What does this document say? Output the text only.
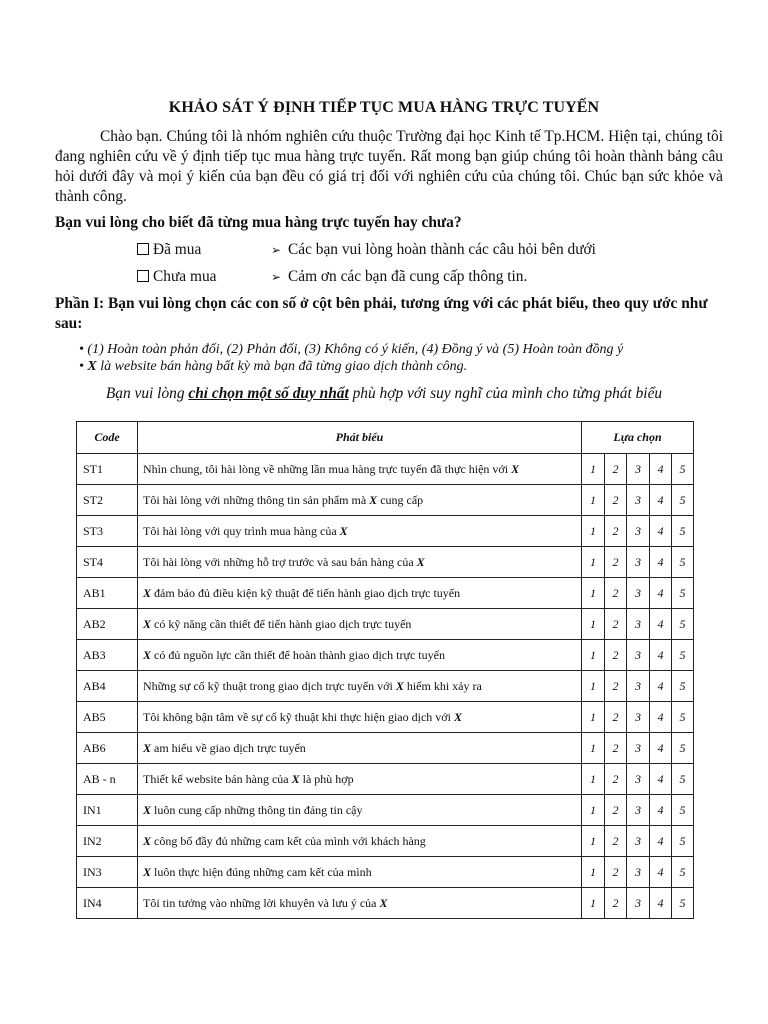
KHẢO SÁT Ý ĐỊNH TIẾP TỤC MUA HÀNG TRỰC TUYẾN

Chào bạn. Chúng tôi là nhóm nghiên cứu thuộc Trường đại học Kinh tế Tp.HCM. Hiện tại, chúng tôi đang nghiên cứu về ý định tiếp tục mua hàng trực tuyến. Rất mong bạn giúp chúng tôi hoàn thành bảng câu hỏi dưới đây và mọi ý kiến của bạn đều có giá trị đối với nghiên cứu của chúng tôi. Chúc bạn sức khỏe và thành công.

Bạn vui lòng cho biết đã từng mua hàng trực tuyến hay chưa?
Đã mua	➢ Các bạn vui lòng hoàn thành các câu hỏi bên dưới
Chưa mua	➢ Cảm ơn các bạn đã cung cấp thông tin.
Phần I: Bạn vui lòng chọn các con số ở cột bên phải, tương ứng với các phát biểu, theo quy ước như sau:
• (1) Hoàn toàn phản đối, (2) Phản đối, (3) Không có ý kiến, (4) Đồng ý và (5) Hoàn toàn đồng ý
• X là website bán hàng bất kỳ mà bạn đã từng giao dịch thành công.
Bạn vui lòng chỉ chọn một số duy nhất phù hợp với suy nghĩ của mình cho từng phát biểu
Code	Phát biểu	Lựa chọn				
ST1	Nhìn chung, tôi hài lòng về những lần mua hàng trực tuyến đã thực hiện với X	1	2	3	4	5
ST2	Tôi hài lòng với những thông tin sản phẩm mà X cung cấp	1	2	3	4	5
ST3	Tôi hài lòng với quy trình mua hàng của X	1	2	3	4	5
ST4	Tôi hài lòng với những hỗ trợ trước và sau bán hàng của X	1	2	3	4	5
AB1	X đảm bảo đủ điều kiện kỹ thuật để tiến hành giao dịch trực tuyến	1	2	3	4	5
AB2	X có kỹ năng cần thiết để tiến hành giao dịch trực tuyến	1	2	3	4	5
AB3	X có đủ nguồn lực cần thiết để hoàn thành giao dịch trực tuyến	1	2	3	4	5
AB4	Những sự cố kỹ thuật trong giao dịch trực tuyến với X hiếm khi xảy ra	1	2	3	4	5
AB5	Tôi không bận tâm về sự cố kỹ thuật khi thực hiện giao dịch với X	1	2	3	4	5
AB6	X am hiểu về giao dịch trực tuyến	1	2	3	4	5
AB - n	Thiết kế website bán hàng của X là phù hợp	1	2	3	4	5
IN1	X luôn cung cấp những thông tin đáng tin cậy	1	2	3	4	5
IN2	X công bố đầy đủ những cam kết của mình với khách hàng	1	2	3	4	5
IN3	X luôn thực hiện đúng những cam kết của mình	1	2	3	4	5
IN4	Tôi tin tưởng vào những lời khuyên và lưu ý của X	1	2	3	4	5
